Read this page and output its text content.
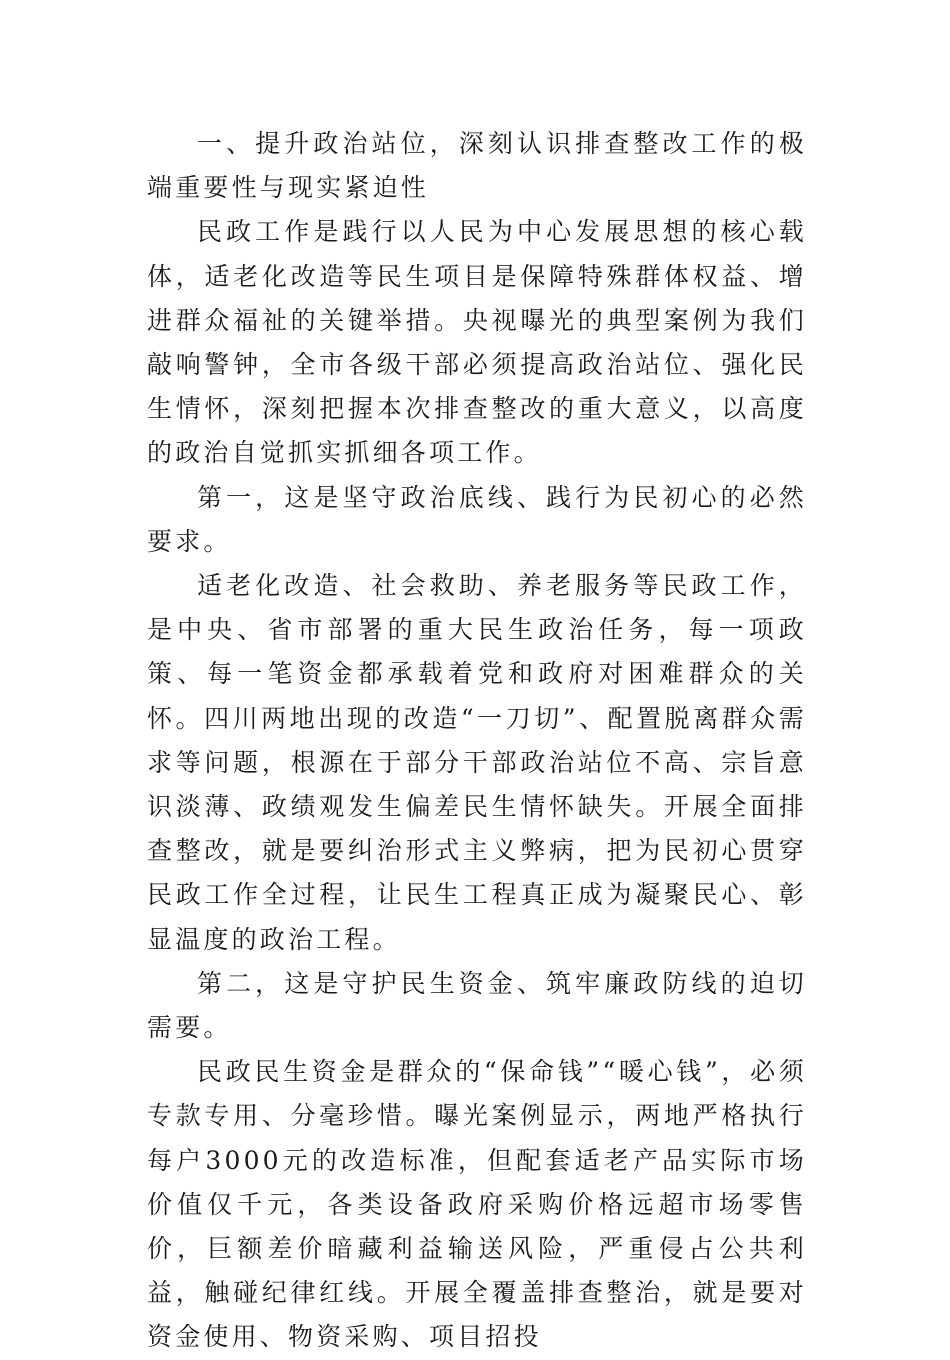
一、提升政治站位，深刻认识排查整改工作的极端重要性与现实紧迫性

民政工作是践行以人民为中心发展思想的核心载体，适老化改造等民生项目是保障特殊群体权益、增进群众福祉的关键举措。央视曝光的典型案例为我们敲响警钟，全市各级干部必须提高政治站位、强化民生情怀，深刻把握本次排查整改的重大意义，以高度的政治自觉抓实抓细各项工作。

第一，这是坚守政治底线、践行为民初心的必然要求。

适老化改造、社会救助、养老服务等民政工作，是中央、省市部署的重大民生政治任务，每一项政策、每一笔资金都承载着党和政府对困难群众的关怀。四川两地出现的改造“一刀切”、配置脱离群众需求等问题，根源在于部分干部政治站位不高、宗旨意识淡薄、政绩观发生偏差民生情怀缺失。开展全面排查整改，就是要纠治形式主义弊病，把为民初心贯穿民政工作全过程，让民生工程真正成为凝聚民心、彰显温度的政治工程。

第二，这是守护民生资金、筑牢廉政防线的迫切需要。

民政民生资金是群众的“保命钱”“暖心钱”，必须专款专用、分毫珍惜。曝光案例显示，两地严格执行每户3000元的改造标准，但配套适老产品实际市场价值仅千元，各类设备政府采购价格远超市场零售价，巨额差价暗藏利益输送风险，严重侵占公共利益，触碰纪律红线。开展全覆盖排查整治，就是要对资金使用、物资采购、项目招投
